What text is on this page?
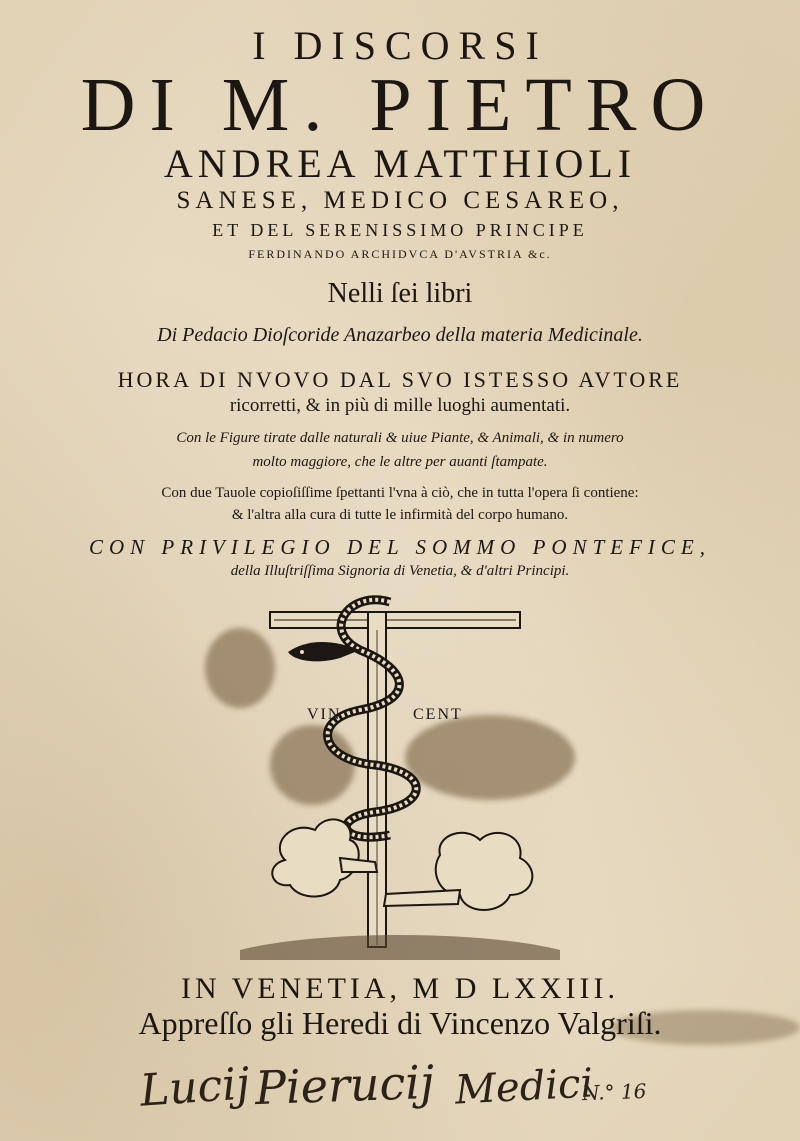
I DISCORSI
DI M. PIETRO
ANDREA MATTHIOLI
SANESE, MEDICO CESAREO,
ET DEL SERENISSIMO PRINCIPE
FERDINANDO ARCHIDVCA D'AVSTRIA &c.
Nelli ſei libri
Di Pedacio Dioſcoride Anazarbeo della materia Medicinale.
HORA DI NVOVO DAL SVO ISTESSO AVTORE
ricorretti, & in più di mille luoghi aumentati.
Con le Figure tirate dalle naturali & uiue Piante, & Animali, & in numero
molto maggiore, che le altre per auanti ſtampate.
Con due Tauole copioſiſſime ſpettanti l'vna à ciò, che in tutta l'opera ſi contiene:
& l'altra alla cura di tutte le infirmità del corpo humano.
CON PRIVILEGIO DEL SOMMO PONTEFICE,
della Illuſtriſſima Signoria di Venetia, & d'altri Principi.
VIN	CENT
IN VENETIA, M D LXXIII.
Appreſſo gli Heredi di Vincenzo Valgriſi.
Lucij Pierucij Medici
N.° 16
